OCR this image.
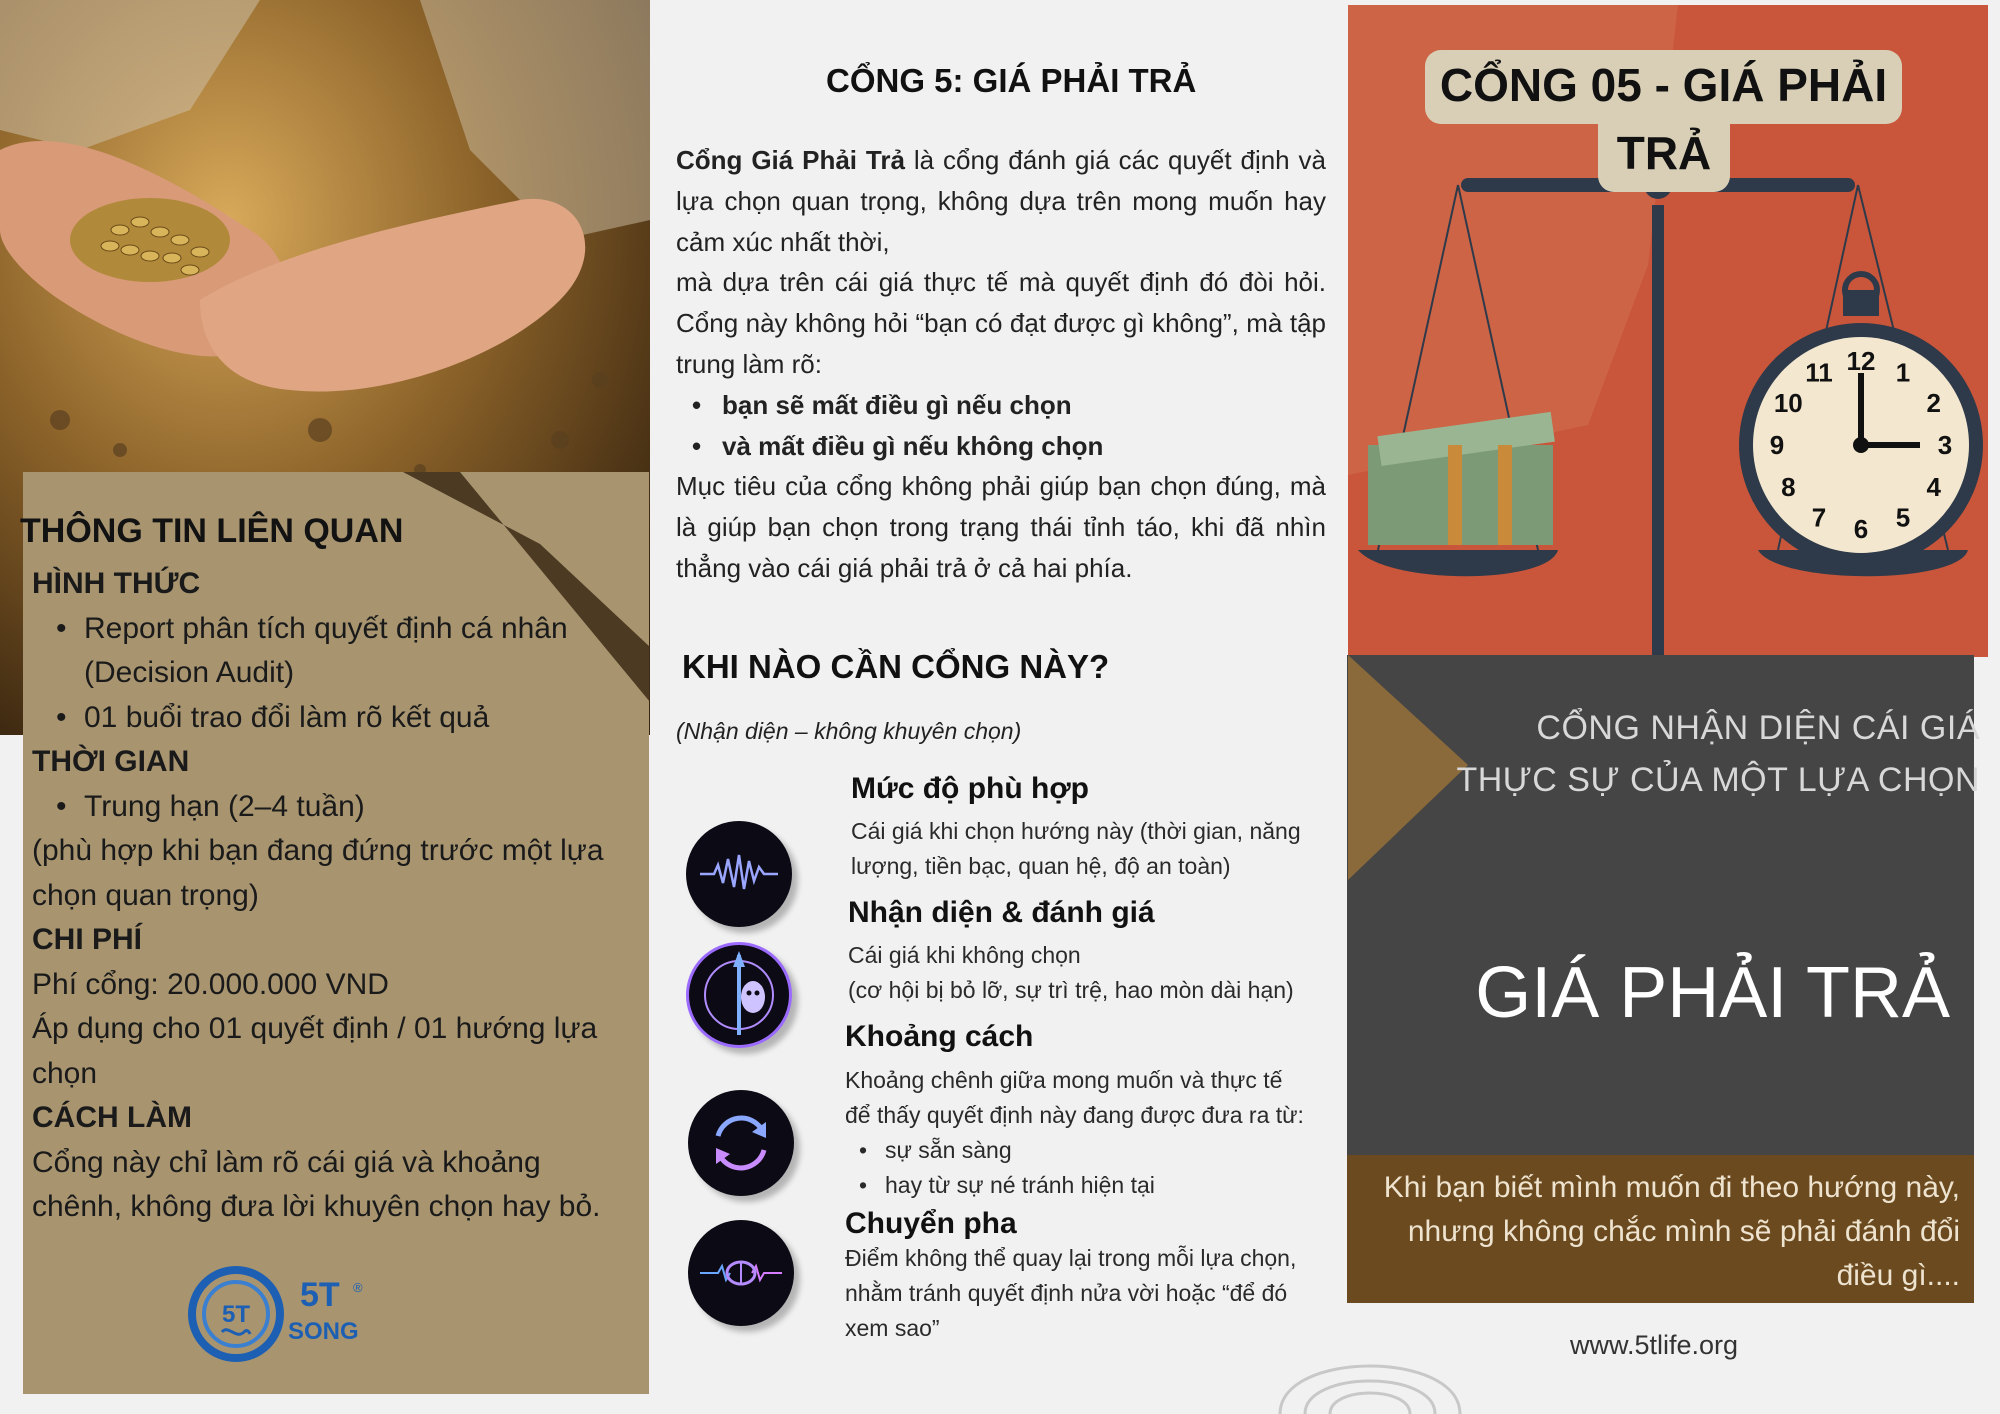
THÔNG TIN LIÊN QUAN
HÌNH THỨC
• Report phân tích quyết định cá nhân (Decision Audit)
• 01 buổi trao đổi làm rõ kết quả
THỜI GIAN
• Trung hạn (2–4 tuần)
(phù hợp khi bạn đang đứng trước một lựa chọn quan trọng)
CHI PHÍ
Phí cổng: 20.000.000 VND
Áp dụng cho 01 quyết định / 01 hướng lựa chọn
CÁCH LÀM
Cổng này chỉ làm rõ cái giá và khoảng chênh, không đưa lời khuyên chọn hay bỏ.
5T
5T ®
SONG
CỔNG 5: GIÁ PHẢI TRẢ
Cổng Giá Phải Trả là cổng đánh giá các quyết định và lựa chọn quan trọng, không dựa trên mong muốn hay cảm xúc nhất thời,
mà dựa trên cái giá thực tế mà quyết định đó đòi hỏi. Cổng này không hỏi “bạn có đạt được gì không”, mà tập trung làm rõ:
• bạn sẽ mất điều gì nếu chọn
• và mất điều gì nếu không chọn
Mục tiêu của cổng không phải giúp bạn chọn đúng, mà là giúp bạn chọn trong trạng thái tỉnh táo, khi đã nhìn thẳng vào cái giá phải trả ở cả hai phía.
KHI NÀO CẦN CỔNG NÀY?
(Nhận diện – không khuyên chọn)
Mức độ phù hợp
Cái giá khi chọn hướng này (thời gian, năng lượng, tiền bạc, quan hệ, độ an toàn)
Nhận diện & đánh giá
Cái giá khi không chọn
(cơ hội bị bỏ lỡ, sự trì trệ, hao mòn dài hạn)
Khoảng cách
Khoảng chênh giữa mong muốn và thực tế
để thấy quyết định này đang được đưa ra từ:
• sự sẵn sàng
• hay từ sự né tránh hiện tại
Chuyển pha
Điểm không thể quay lại trong mỗi lựa chọn, nhằm tránh quyết định nửa vời hoặc “để đó xem sao”
12 1
2
3
4
5
6
7
8
9
10
11
CỔNG 05 - GIÁ PHẢI
TRẢ
CỔNG NHẬN DIỆN CÁI GIÁ THỰC SỰ CỦA MỘT LỰA CHỌN
GIÁ PHẢI TRẢ
Khi bạn biết mình muốn đi theo hướng này, nhưng không chắc mình sẽ phải đánh đổi điều gì....
www.5tlife.org
